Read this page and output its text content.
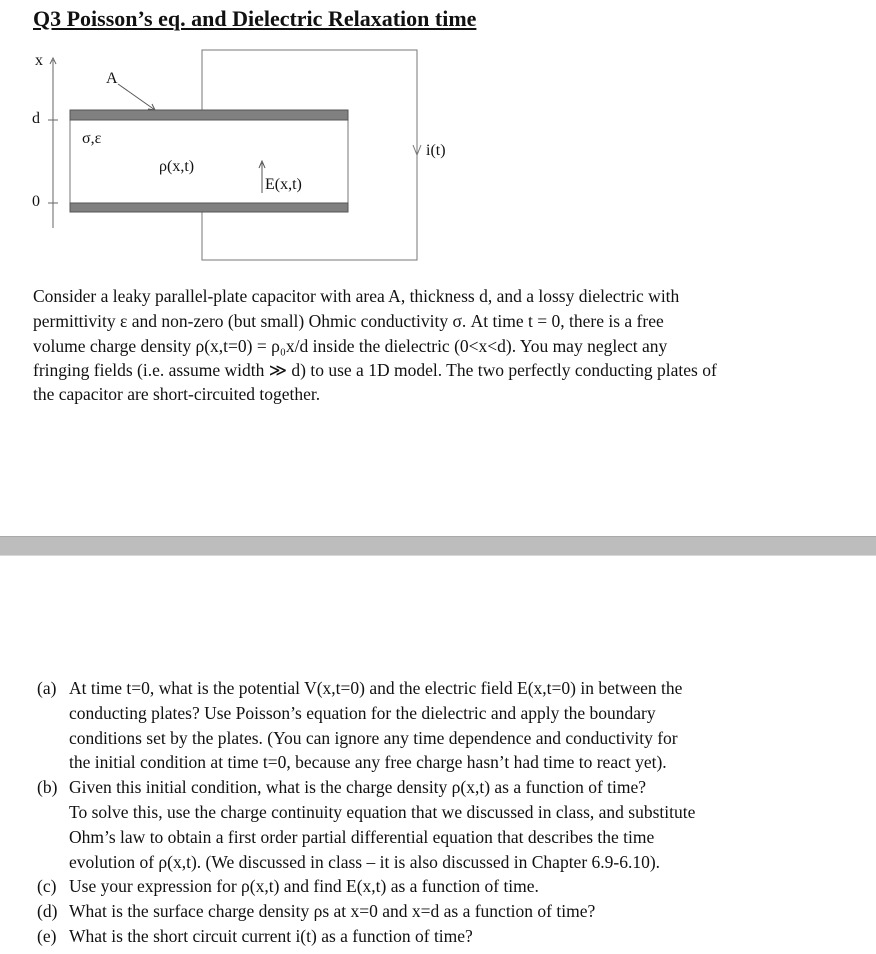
Q3 Poisson’s eq. and Dielectric Relaxation time
x
d
0
A
σ,ε
ρ(x,t)
E(x,t)
i(t)
Consider a leaky parallel-plate capacitor with area A, thickness d, and a lossy dielectric with
permittivity ε and non-zero (but small) Ohmic conductivity σ. At time t = 0, there is a free
volume charge density ρ(x,t=0) = ρ₀x/d inside the dielectric (0<x<d). You may neglect any
fringing fields (i.e. assume width ≫ d) to use a 1D model. The two perfectly conducting plates of
the capacitor are short-circuited together.
(a) At time t=0, what is the potential V(x,t=0) and the electric field E(x,t=0) in between the
conducting plates? Use Poisson’s equation for the dielectric and apply the boundary
conditions set by the plates. (You can ignore any time dependence and conductivity for
the initial condition at time t=0, because any free charge hasn’t had time to react yet).
(b) Given this initial condition, what is the charge density ρ(x,t) as a function of time?
To solve this, use the charge continuity equation that we discussed in class, and substitute
Ohm’s law to obtain a first order partial differential equation that describes the time
evolution of ρ(x,t). (We discussed in class – it is also discussed in Chapter 6.9-6.10).
(c) Use your expression for ρ(x,t) and find E(x,t) as a function of time.
(d) What is the surface charge density ρs at x=0 and x=d as a function of time?
(e) What is the short circuit current i(t) as a function of time?
